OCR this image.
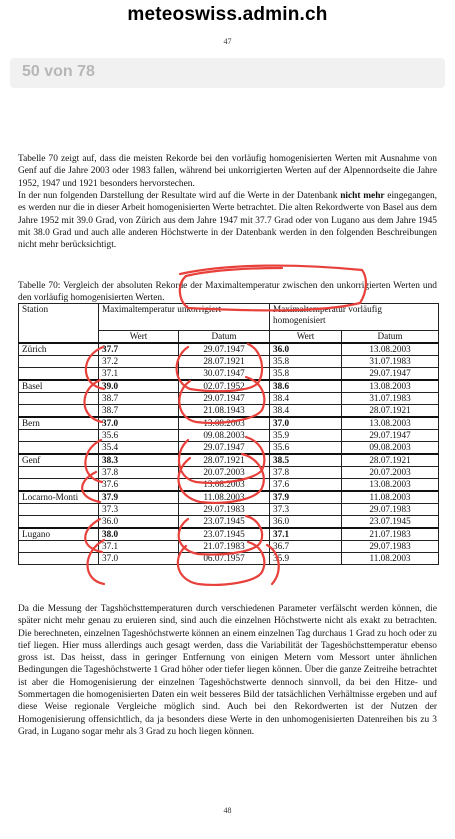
meteoswiss.admin.ch
47
50 von 78
Tabelle 70 zeigt auf, dass die meisten Rekorde bei den vorläufig homogenisierten Werten mit Ausnahme von Genf auf die Jahre 2003 oder 1983 fallen, während bei unkorrigierten Werten auf der Alpennordseite die Jahre 1952, 1947 und 1921 besonders hervorstechen.
In der nun folgenden Darstellung der Resultate wird auf die Werte in der Datenbank nicht mehr eingegangen, es werden nur die in dieser Arbeit homogenisierten Werte betrachtet. Die alten Rekordwerte von Basel aus dem Jahre 1952 mit 39.0 Grad, von Zürich aus dem Jahre 1947 mit 37.7 Grad oder von Lugano aus dem Jahre 1945 mit 38.0 Grad und auch alle anderen Höchstwerte in der Datenbank werden in den folgenden Beschreibungen nicht mehr berücksichtigt.
Tabelle 70: Vergleich der absoluten Rekorde der Maximaltemperatur zwischen den unkorrigierten Werten und den vorläufig homogenisierten Werten.
Station	Maximaltemperatur unkorrigiert		Maximaltemperatur vorläufig homogenisiert	
	Wert	Datum	Wert	Datum
Zürich	37.7	29.07.1947	36.0	13.08.2003
	37.2	28.07.1921	35.8	31.07.1983
	37.1	30.07.1947	35.8	29.07.1947
Basel	39.0	02.07.1952	38.6	13.08.2003
	38.7	29.07.1947	38.4	31.07.1983
	38.7	21.08.1943	38.4	28.07.1921
Bern	37.0	13.08.2003	37.0	13.08.2003
	35.6	09.08.2003	35.9	29.07.1947
	35.4	29.07.1947	35.6	09.08.2003
Genf	38.3	28.07.1921	38.5	28.07.1921
	37.8	20.07.2003	37.8	20.07.2003
	37.6	13.08.2003	37.6	13.08.2003
Locarno-Monti	37.9	11.08.2003	37.9	11.08.2003
	37.3	29.07.1983	37.3	29.07.1983
	36.0	23.07.1945	36.0	23.07.1945
Lugano	38.0	23.07.1945	37.1	21.07.1983
	37.1	21.07.1983	36.7	29.07.1983
	37.0	06.07.1957	35.9	11.08.2003
Da die Messung der Tagshöchsttemperaturen durch verschiedenen Parameter verfälscht werden können, die später nicht mehr genau zu eruieren sind, sind auch die einzelnen Höchstwerte nicht als exakt zu betrachten. Die berechneten, einzelnen Tageshöchstwerte können an einem einzelnen Tag durchaus 1 Grad zu hoch oder zu tief liegen. Hier muss allerdings auch gesagt werden, dass die Variabilität der Tageshöchsttemperatur ebenso gross ist. Das heisst, dass in geringer Entfernung von einigen Metern vom Messort unter ähnlichen Bedingungen die Tageshöchstwerte 1 Grad höher oder tiefer liegen können. Über die ganze Zeitreihe betrachtet ist aber die Homogenisierung der einzelnen Tageshöchstwerte dennoch sinnvoll, da bei den Hitze- und Sommertagen die homogenisierten Daten ein weit besseres Bild der tatsächlichen Verhältnisse ergeben und auf diese Weise regionale Vergleiche möglich sind. Auch bei den Rekordwerten ist der Nutzen der Homogenisierung offensichtlich, da ja besonders diese Werte in den unhomogenisierten Datenreihen bis zu 3 Grad, in Lugano sogar mehr als 3 Grad zu hoch liegen können.
48
